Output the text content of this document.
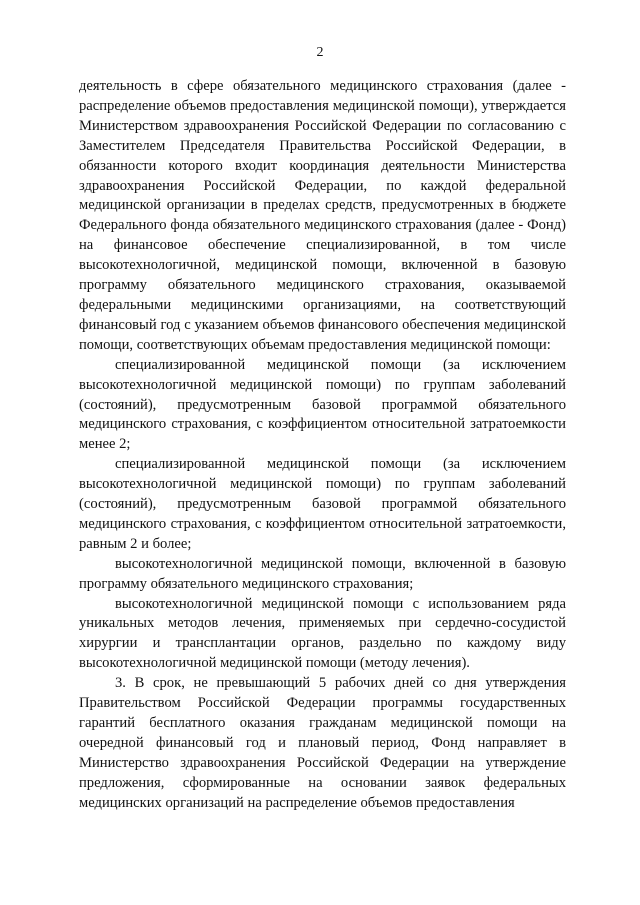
2

деятельность в сфере обязательного медицинского страхования (далее - распределение объемов предоставления медицинской помощи), утверждается Министерством здравоохранения Российской Федерации по согласованию с Заместителем Председателя Правительства Российской Федерации, в обязанности которого входит координация деятельности Министерства здравоохранения Российской Федерации, по каждой федеральной медицинской организации в пределах средств, предусмотренных в бюджете Федерального фонда обязательного медицинского страхования (далее - Фонд) на финансовое обеспечение специализированной, в том числе высокотехнологичной, медицинской помощи, включенной в базовую программу обязательного медицинского страхования, оказываемой федеральными медицинскими организациями, на соответствующий финансовый год с указанием объемов финансового обеспечения медицинской помощи, соответствующих объемам предоставления медицинской помощи:

специализированной медицинской помощи (за исключением высокотехнологичной медицинской помощи) по группам заболеваний (состояний), предусмотренным базовой программой обязательного медицинского страхования, с коэффициентом относительной затратоемкости менее 2;

специализированной медицинской помощи (за исключением высокотехнологичной медицинской помощи) по группам заболеваний (состояний), предусмотренным базовой программой обязательного медицинского страхования, с коэффициентом относительной затратоемкости, равным 2 и более;

высокотехнологичной медицинской помощи, включенной в базовую программу обязательного медицинского страхования;

высокотехнологичной медицинской помощи с использованием ряда уникальных методов лечения, применяемых при сердечно-сосудистой хирургии и трансплантации органов, раздельно по каждому виду высокотехнологичной медицинской помощи (методу лечения).

3. В срок, не превышающий 5 рабочих дней со дня утверждения Правительством Российской Федерации программы государственных гарантий бесплатного оказания гражданам медицинской помощи на очередной финансовый год и плановый период, Фонд направляет в Министерство здравоохранения Российской Федерации на утверждение предложения, сформированные на основании заявок федеральных медицинских организаций на распределение объемов предоставления
